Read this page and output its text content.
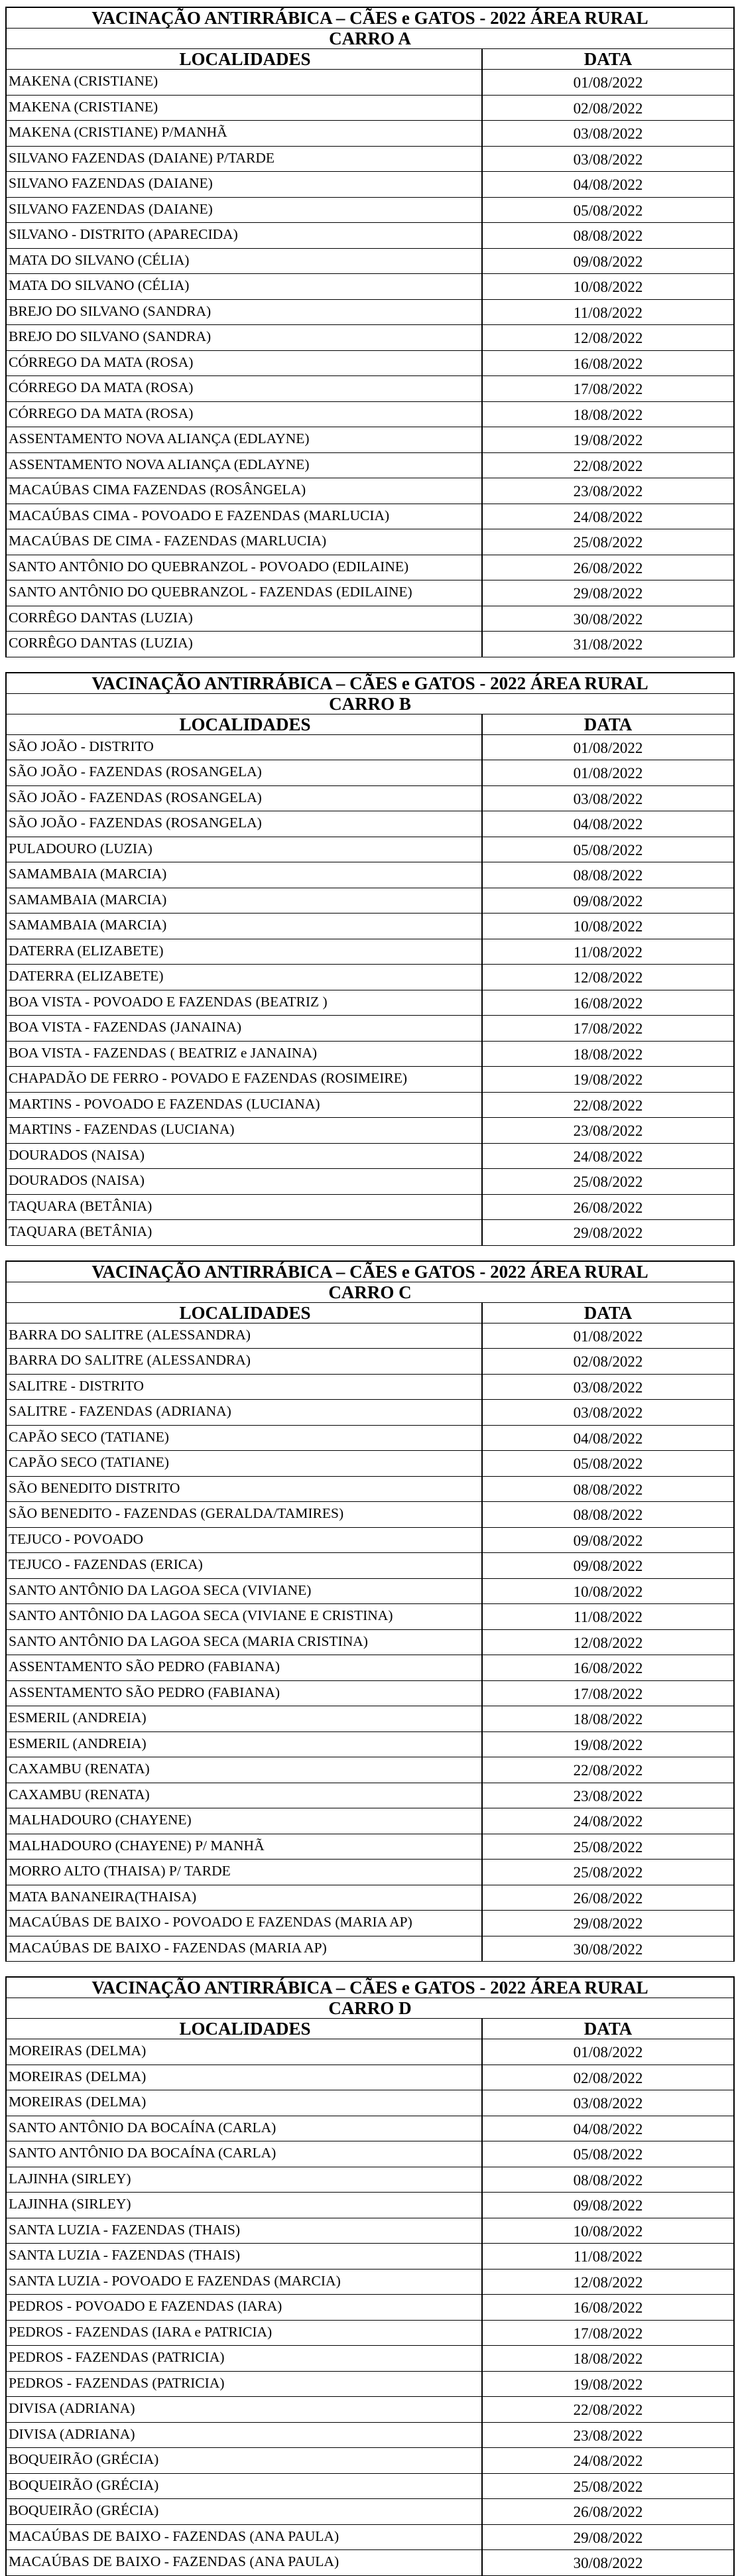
VACINAÇÃO ANTIRRÁBICA – CÃES e GATOS - 2022 ÁREA RURAL
CARRO A
LOCALIDADES	DATA
MAKENA (CRISTIANE)	01/08/2022
MAKENA (CRISTIANE)	02/08/2022
MAKENA (CRISTIANE) P/MANHÃ	03/08/2022
SILVANO FAZENDAS (DAIANE) P/TARDE	03/08/2022
SILVANO FAZENDAS (DAIANE)	04/08/2022
SILVANO FAZENDAS (DAIANE)	05/08/2022
SILVANO - DISTRITO (APARECIDA)	08/08/2022
MATA DO SILVANO (CÉLIA)	09/08/2022
MATA DO SILVANO (CÉLIA)	10/08/2022
BREJO DO SILVANO (SANDRA)	11/08/2022
BREJO DO SILVANO (SANDRA)	12/08/2022
CÓRREGO DA MATA (ROSA)	16/08/2022
CÓRREGO DA MATA (ROSA)	17/08/2022
CÓRREGO DA MATA (ROSA)	18/08/2022
ASSENTAMENTO NOVA ALIANÇA (EDLAYNE)	19/08/2022
ASSENTAMENTO NOVA ALIANÇA (EDLAYNE)	22/08/2022
MACAÚBAS CIMA FAZENDAS (ROSÂNGELA)	23/08/2022
MACAÚBAS CIMA - POVOADO E FAZENDAS (MARLUCIA)	24/08/2022
MACAÚBAS DE CIMA - FAZENDAS (MARLUCIA)	25/08/2022
SANTO ANTÔNIO DO QUEBRANZOL - POVOADO (EDILAINE)	26/08/2022
SANTO ANTÔNIO DO QUEBRANZOL - FAZENDAS (EDILAINE)	29/08/2022
CORRÊGO DANTAS (LUZIA)	30/08/2022
CORRÊGO DANTAS (LUZIA)	31/08/2022
VACINAÇÃO ANTIRRÁBICA – CÃES e GATOS - 2022 ÁREA RURAL
CARRO B
LOCALIDADES	DATA
SÃO JOÃO - DISTRITO	01/08/2022
SÃO JOÃO - FAZENDAS (ROSANGELA)	01/08/2022
SÃO JOÃO - FAZENDAS (ROSANGELA)	03/08/2022
SÃO JOÃO - FAZENDAS (ROSANGELA)	04/08/2022
PULADOURO (LUZIA)	05/08/2022
SAMAMBAIA (MARCIA)	08/08/2022
SAMAMBAIA (MARCIA)	09/08/2022
SAMAMBAIA (MARCIA)	10/08/2022
DATERRA (ELIZABETE)	11/08/2022
DATERRA (ELIZABETE)	12/08/2022
BOA VISTA - POVOADO E FAZENDAS (BEATRIZ )	16/08/2022
BOA VISTA - FAZENDAS (JANAINA)	17/08/2022
BOA VISTA - FAZENDAS ( BEATRIZ e JANAINA)	18/08/2022
CHAPADÃO DE FERRO - POVADO E FAZENDAS (ROSIMEIRE)	19/08/2022
MARTINS - POVOADO E FAZENDAS (LUCIANA)	22/08/2022
MARTINS - FAZENDAS (LUCIANA)	23/08/2022
DOURADOS (NAISA)	24/08/2022
DOURADOS (NAISA)	25/08/2022
TAQUARA (BETÂNIA)	26/08/2022
TAQUARA (BETÂNIA)	29/08/2022
VACINAÇÃO ANTIRRÁBICA – CÃES e GATOS - 2022 ÁREA RURAL
CARRO C
LOCALIDADES	DATA
BARRA DO SALITRE (ALESSANDRA)	01/08/2022
BARRA DO SALITRE (ALESSANDRA)	02/08/2022
SALITRE - DISTRITO	03/08/2022
SALITRE - FAZENDAS (ADRIANA)	03/08/2022
CAPÃO SECO (TATIANE)	04/08/2022
CAPÃO SECO (TATIANE)	05/08/2022
SÃO BENEDITO DISTRITO	08/08/2022
SÃO BENEDITO - FAZENDAS (GERALDA/TAMIRES)	08/08/2022
TEJUCO - POVOADO	09/08/2022
TEJUCO - FAZENDAS (ERICA)	09/08/2022
SANTO ANTÔNIO DA LAGOA SECA (VIVIANE)	10/08/2022
SANTO ANTÔNIO DA LAGOA SECA (VIVIANE E CRISTINA)	11/08/2022
SANTO ANTÔNIO DA LAGOA SECA (MARIA CRISTINA)	12/08/2022
ASSENTAMENTO SÃO PEDRO (FABIANA)	16/08/2022
ASSENTAMENTO SÃO PEDRO (FABIANA)	17/08/2022
ESMERIL (ANDREIA)	18/08/2022
ESMERIL (ANDREIA)	19/08/2022
CAXAMBU (RENATA)	22/08/2022
CAXAMBU (RENATA)	23/08/2022
MALHADOURO (CHAYENE)	24/08/2022
MALHADOURO (CHAYENE) P/ MANHÃ	25/08/2022
MORRO ALTO (THAISA) P/ TARDE	25/08/2022
MATA BANANEIRA(THAISA)	26/08/2022
MACAÚBAS DE BAIXO - POVOADO E FAZENDAS (MARIA AP)	29/08/2022
MACAÚBAS DE BAIXO - FAZENDAS (MARIA AP)	30/08/2022
VACINAÇÃO ANTIRRÁBICA – CÃES e GATOS - 2022 ÁREA RURAL
CARRO D
LOCALIDADES	DATA
MOREIRAS (DELMA)	01/08/2022
MOREIRAS (DELMA)	02/08/2022
MOREIRAS (DELMA)	03/08/2022
SANTO ANTÔNIO DA BOCAÍNA (CARLA)	04/08/2022
SANTO ANTÔNIO DA BOCAÍNA (CARLA)	05/08/2022
LAJINHA (SIRLEY)	08/08/2022
LAJINHA (SIRLEY)	09/08/2022
SANTA LUZIA - FAZENDAS (THAIS)	10/08/2022
SANTA LUZIA - FAZENDAS (THAIS)	11/08/2022
SANTA LUZIA - POVOADO E FAZENDAS (MARCIA)	12/08/2022
PEDROS - POVOADO E FAZENDAS (IARA)	16/08/2022
PEDROS - FAZENDAS (IARA e PATRICIA)	17/08/2022
PEDROS - FAZENDAS (PATRICIA)	18/08/2022
PEDROS - FAZENDAS (PATRICIA)	19/08/2022
DIVISA (ADRIANA)	22/08/2022
DIVISA (ADRIANA)	23/08/2022
BOQUEIRÃO (GRÉCIA)	24/08/2022
BOQUEIRÃO (GRÉCIA)	25/08/2022
BOQUEIRÃO (GRÉCIA)	26/08/2022
MACAÚBAS DE BAIXO - FAZENDAS (ANA PAULA)	29/08/2022
MACAÚBAS DE BAIXO - FAZENDAS (ANA PAULA)	30/08/2022
